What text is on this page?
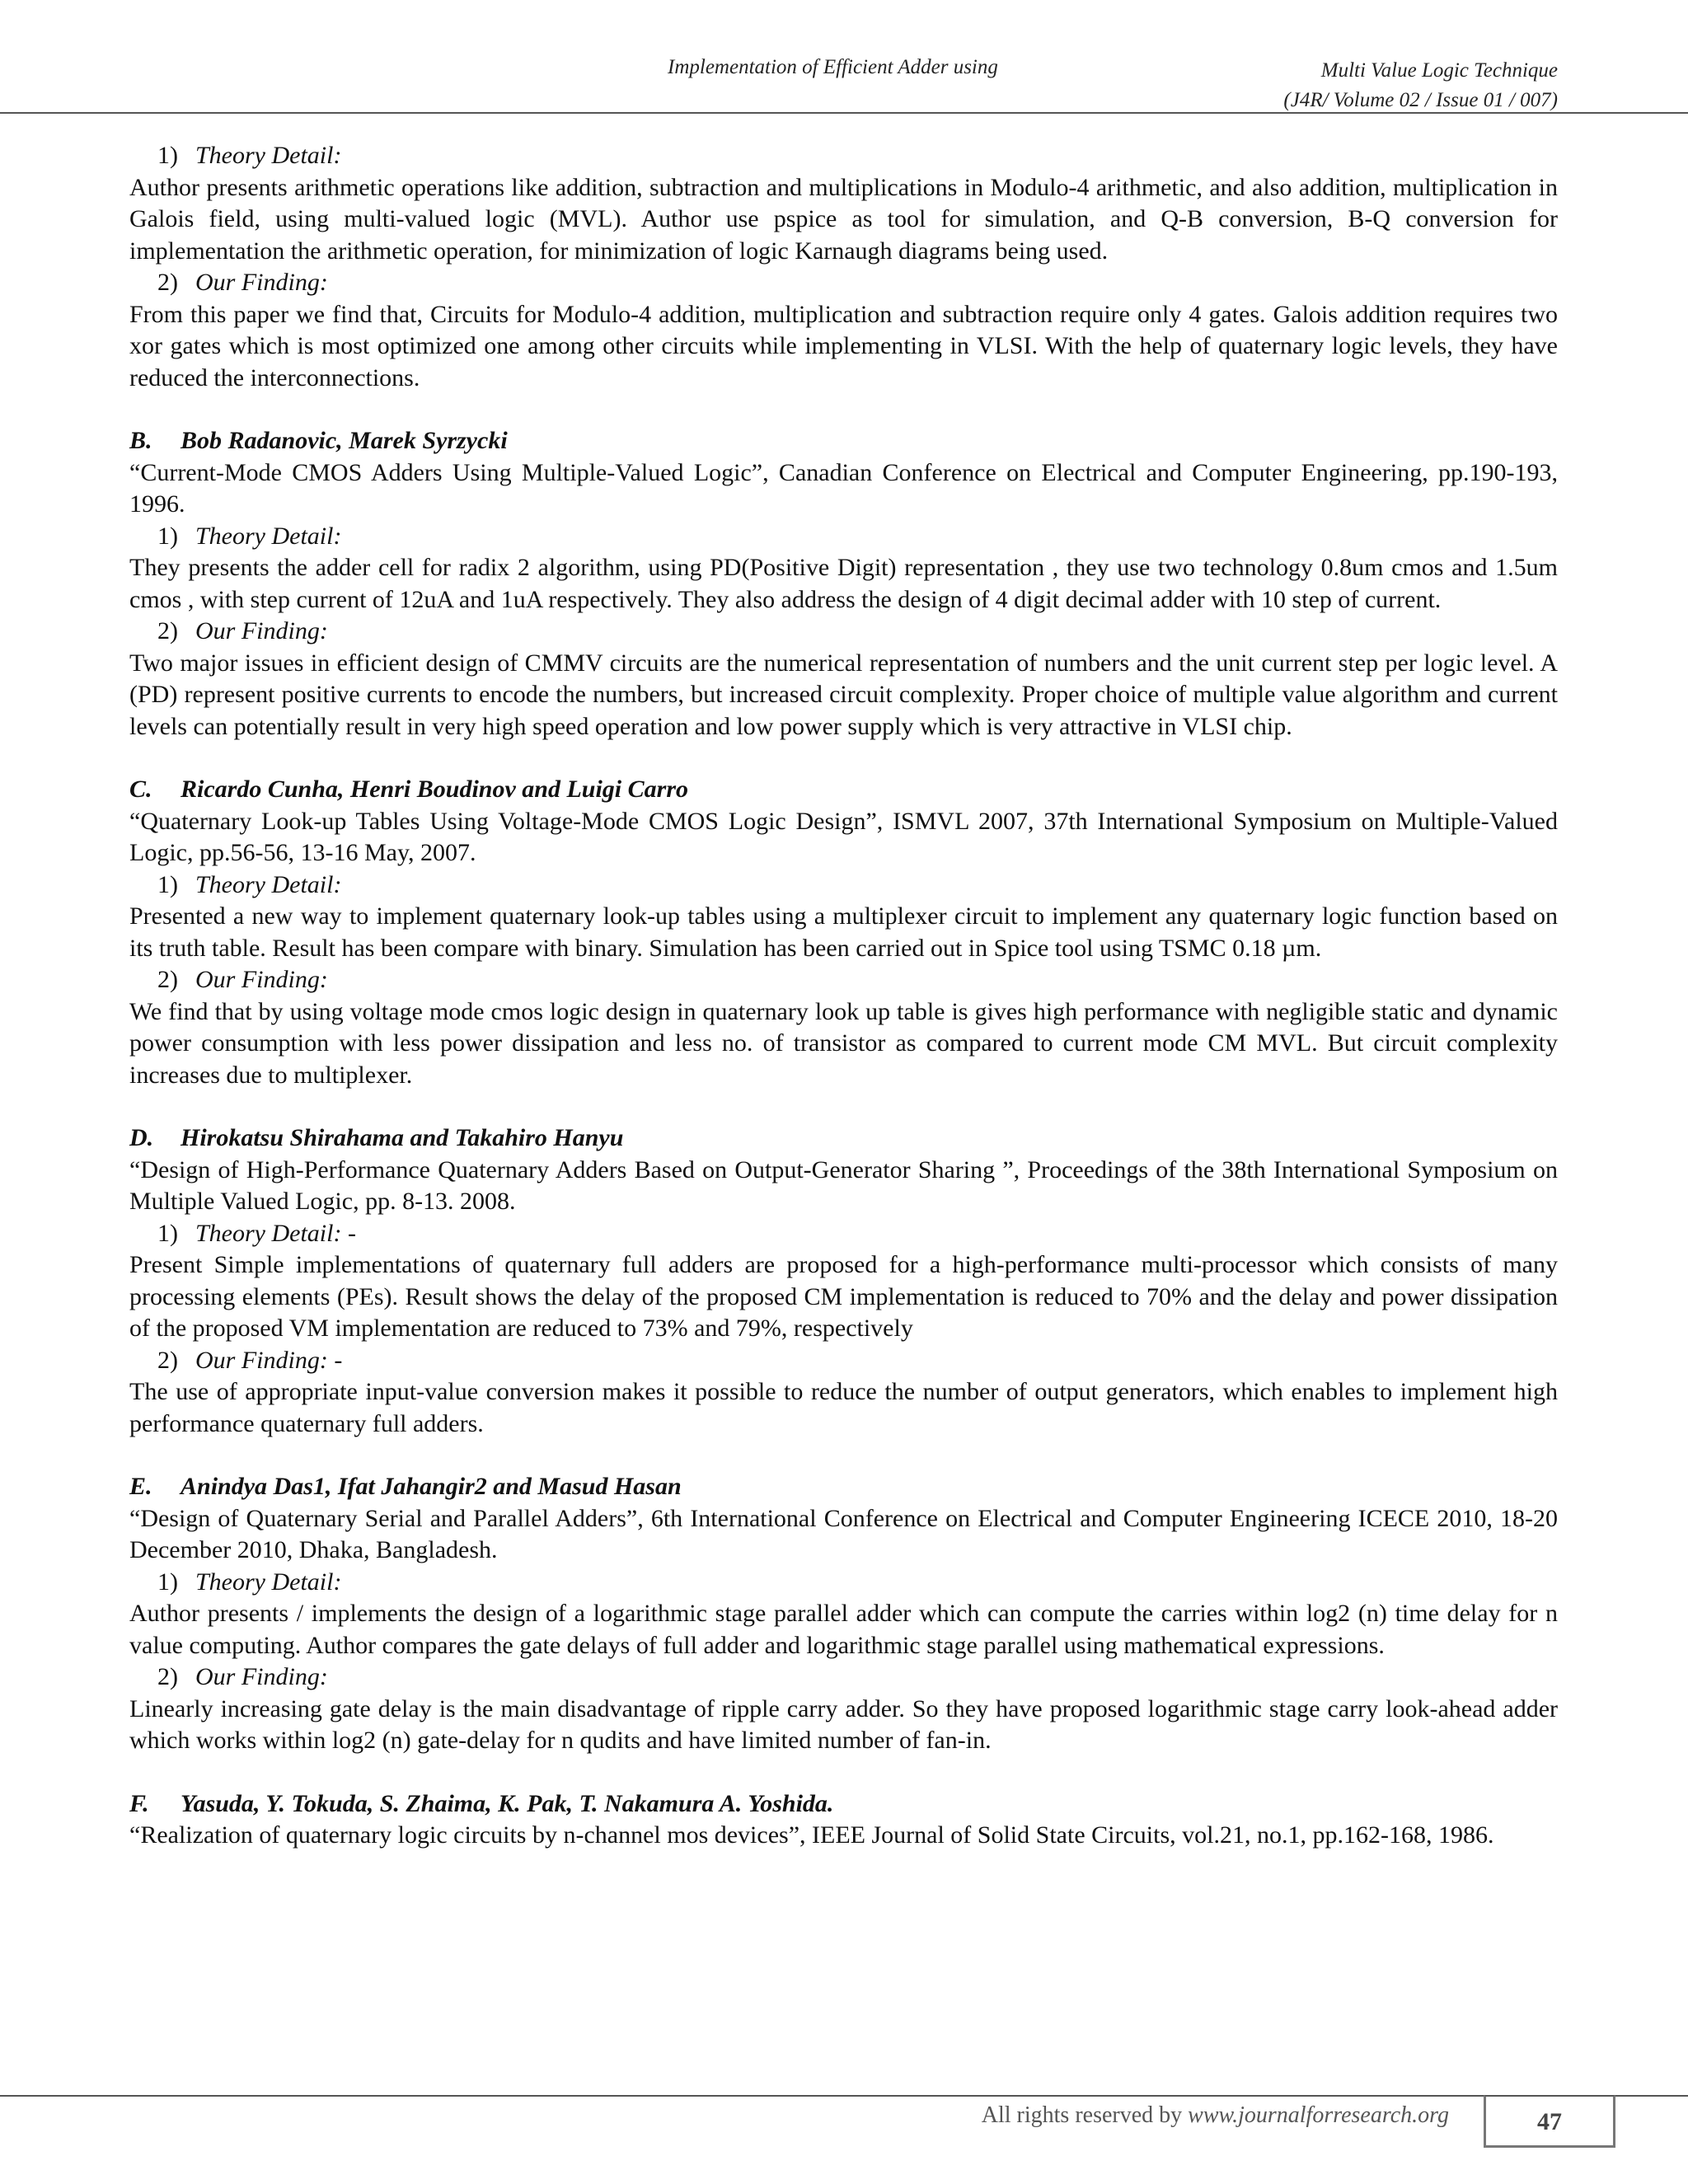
Implementation of Efficient Adder using	Multi Value Logic Technique
(J4R/ Volume 02 / Issue 01 / 007)

1) Theory Detail:

Author presents arithmetic operations like addition, subtraction and multiplications in Modulo-4 arithmetic, and also addition, multiplication in Galois field, using multi-valued logic (MVL). Author use pspice as tool for simulation, and Q-B conversion, B-Q conversion for implementation the arithmetic operation, for minimization of logic Karnaugh diagrams being used.

2) Our Finding:

From this paper we find that, Circuits for Modulo-4 addition, multiplication and subtraction require only 4 gates. Galois addition requires two xor gates which is most optimized one among other circuits while implementing in VLSI. With the help of quaternary logic levels, they have reduced the interconnections.

B. Bob Radanovic, Marek Syrzycki

“Current-Mode CMOS Adders Using Multiple-Valued Logic”, Canadian Conference on Electrical and Computer Engineering, pp.190-193, 1996.

1) Theory Detail:

They presents the adder cell for radix 2 algorithm, using PD(Positive Digit) representation , they use two technology 0.8um cmos and 1.5um cmos , with step current of 12uA and 1uA respectively. They also address the design of 4 digit decimal adder with 10 step of current.

2) Our Finding:

Two major issues in efficient design of CMMV circuits are the numerical representation of numbers and the unit current step per logic level. A (PD) represent positive currents to encode the numbers, but increased circuit complexity. Proper choice of multiple value algorithm and current levels can potentially result in very high speed operation and low power supply which is very attractive in VLSI chip.

C. Ricardo Cunha, Henri Boudinov and Luigi Carro

“Quaternary Look-up Tables Using Voltage-Mode CMOS Logic Design”, ISMVL 2007, 37th International Symposium on Multiple-Valued Logic, pp.56-56, 13-16 May, 2007.

1) Theory Detail:

Presented a new way to implement quaternary look-up tables using a multiplexer circuit to implement any quaternary logic function based on its truth table. Result has been compare with binary. Simulation has been carried out in Spice tool using TSMC 0.18 µm.

2) Our Finding:

We find that by using voltage mode cmos logic design in quaternary look up table is gives high performance with negligible static and dynamic power consumption with less power dissipation and less no. of transistor as compared to current mode CM MVL. But circuit complexity increases due to multiplexer.

D. Hirokatsu Shirahama and Takahiro Hanyu

“Design of High-Performance Quaternary Adders Based on Output-Generator Sharing ”, Proceedings of the 38th International Symposium on Multiple Valued Logic, pp. 8-13. 2008.

1) Theory Detail: -

Present Simple implementations of quaternary full adders are proposed for a high-performance multi-processor which consists of many processing elements (PEs). Result shows the delay of the proposed CM implementation is reduced to 70% and the delay and power dissipation of the proposed VM implementation are reduced to 73% and 79%, respectively

2) Our Finding: -

The use of appropriate input-value conversion makes it possible to reduce the number of output generators, which enables to implement high performance quaternary full adders.

E. Anindya Das1, Ifat Jahangir2 and Masud Hasan

“Design of Quaternary Serial and Parallel Adders”, 6th International Conference on Electrical and Computer Engineering ICECE 2010, 18-20 December 2010, Dhaka, Bangladesh.

1) Theory Detail:

Author presents / implements the design of a logarithmic stage parallel adder which can compute the carries within log2 (n) time delay for n value computing. Author compares the gate delays of full adder and logarithmic stage parallel using mathematical expressions.

2) Our Finding:

Linearly increasing gate delay is the main disadvantage of ripple carry adder. So they have proposed logarithmic stage carry look-ahead adder which works within log2 (n) gate-delay for n qudits and have limited number of fan-in.

F. Yasuda, Y. Tokuda, S. Zhaima, K. Pak, T. Nakamura A. Yoshida.

“Realization of quaternary logic circuits by n-channel mos devices”, IEEE Journal of Solid State Circuits, vol.21, no.1, pp.162-168, 1986.

All rights reserved by www.journalforresearch.org	47
